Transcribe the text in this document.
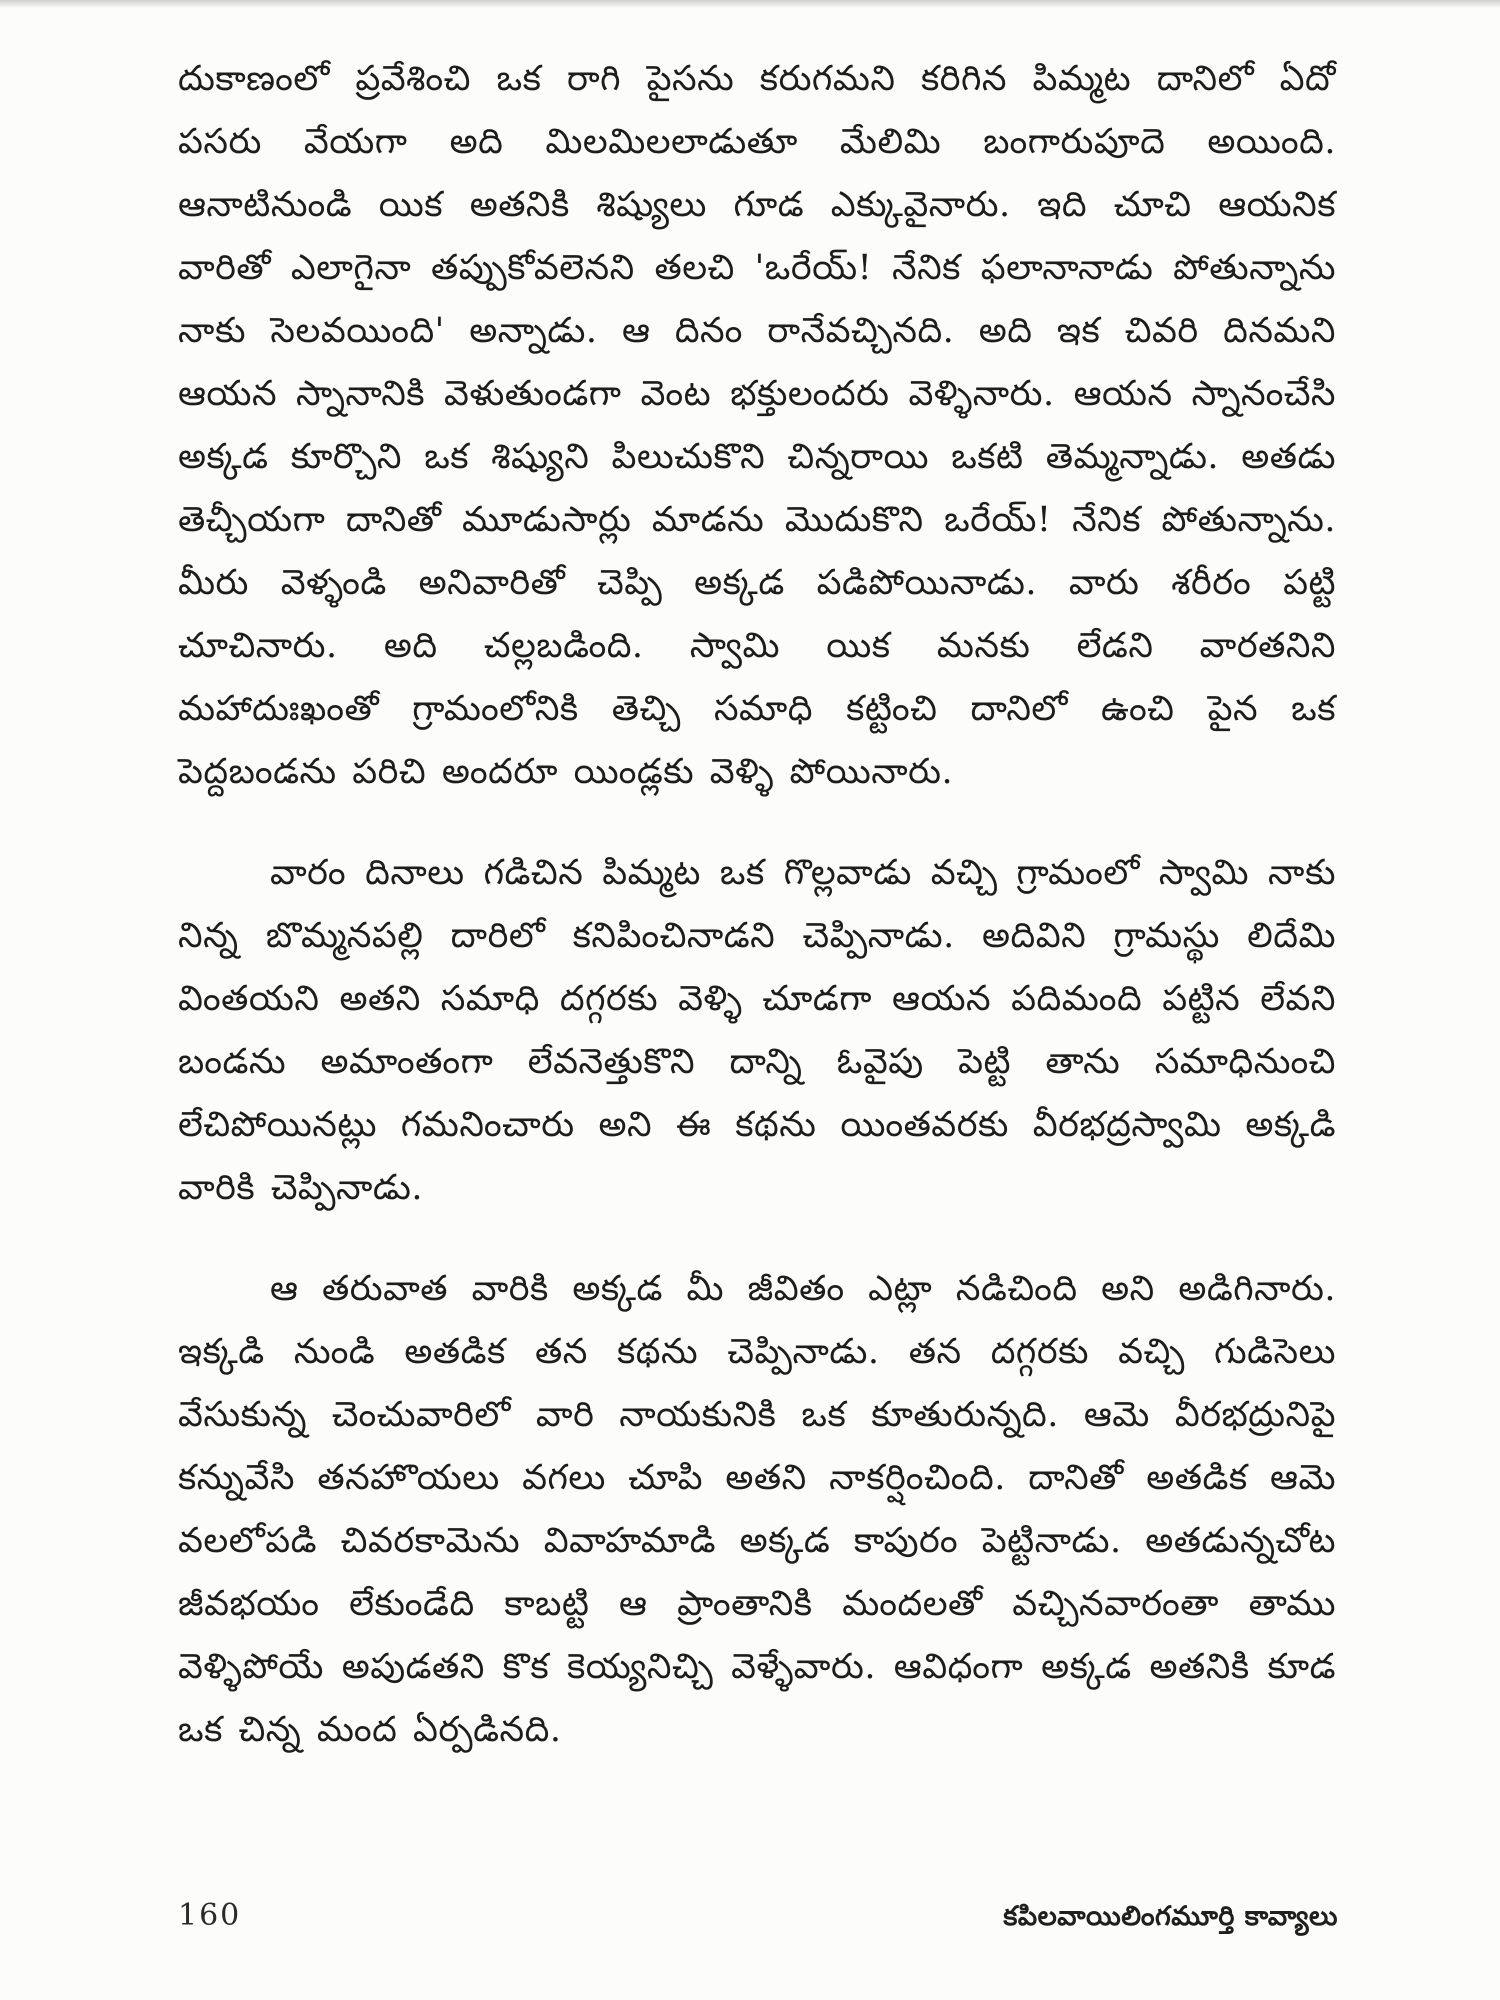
దుకాణంలో ప్రవేశించి ఒక రాగి పైసను కరుగమని కరిగిన పిమ్మట దానిలో ఏదో పసరు వేయగా అది మిలమిలలాడుతూ మేలిమి బంగారుపూదె అయింది. ఆనాటినుండి యిక అతనికి శిష్యులు గూడ ఎక్కువైనారు. ఇది చూచి ఆయనిక వారితో ఎలాగైనా తప్పుకోవలెనని తలచి 'ఒరేయ్! నేనిక ఫలానానాడు పోతున్నాను నాకు సెలవయింది' అన్నాడు. ఆ దినం రానేవచ్చినది. అది ఇక చివరి దినమని ఆయన స్నానానికి వెళుతుండగా వెంట భక్తులందరు వెళ్ళినారు. ఆయన స్నానంచేసి అక్కడ కూర్చొని ఒక శిష్యుని పిలుచుకొని చిన్నరాయి ఒకటి తెమ్మన్నాడు. అతడు తెచ్చీయగా దానితో మూడుసార్లు మాడను మొదుకొని ఒరేయ్! నేనిక పోతున్నాను. మీరు వెళ్ళండి అనివారితో చెప్పి అక్కడ పడిపోయినాడు. వారు శరీరం పట్టి చూచినారు. అది చల్లబడింది. స్వామి యిక మనకు లేడని వారతనిని మహాదుఃఖంతో గ్రామంలోనికి తెచ్చి సమాధి కట్టించి దానిలో ఉంచి పైన ఒక పెద్దబండను పరిచి అందరూ యిండ్లకు వెళ్ళి పోయినారు.

వారం దినాలు గడిచిన పిమ్మట ఒక గొల్లవాడు వచ్చి గ్రామంలో స్వామి నాకు నిన్న బొమ్మనపల్లి దారిలో కనిపించినాడని చెప్పినాడు. అదివిని గ్రామస్థు లిదేమి వింతయని అతని సమాధి దగ్గరకు వెళ్ళి చూడగా ఆయన పదిమంది పట్టిన లేవని బండను అమాంతంగా లేవనెత్తుకొని దాన్ని ఓవైపు పెట్టి తాను సమాధినుంచి లేచిపోయినట్లు గమనించారు అని ఈ కథను యింతవరకు వీరభద్రస్వామి అక్కడి వారికి చెప్పినాడు.

ఆ తరువాత వారికి అక్కడ మీ జీవితం ఎట్లా నడిచింది అని అడిగినారు. ఇక్కడి నుండి అతడిక తన కథను చెప్పినాడు. తన దగ్గరకు వచ్చి గుడిసెలు వేసుకున్న చెంచువారిలో వారి నాయకునికి ఒక కూతురున్నది. ఆమె వీరభద్రునిపై కన్నువేసి తనహొయలు వగలు చూపి అతని నాకర్షించింది. దానితో అతడిక ఆమె వలలోపడి చివరకామెను వివాహమాడి అక్కడ కాపురం పెట్టినాడు. అతడున్నచోట జీవభయం లేకుండేది కాబట్టి ఆ ప్రాంతానికి మందలతో వచ్చినవారంతా తాము వెళ్ళిపోయే అపుడతని కొక కెయ్యనిచ్చి వెళ్ళేవారు. ఆవిధంగా అక్కడ అతనికి కూడ ఒక చిన్న మంద ఏర్పడినది.

160	కపిలవాయిలింగమూర్తి కావ్యాలు
